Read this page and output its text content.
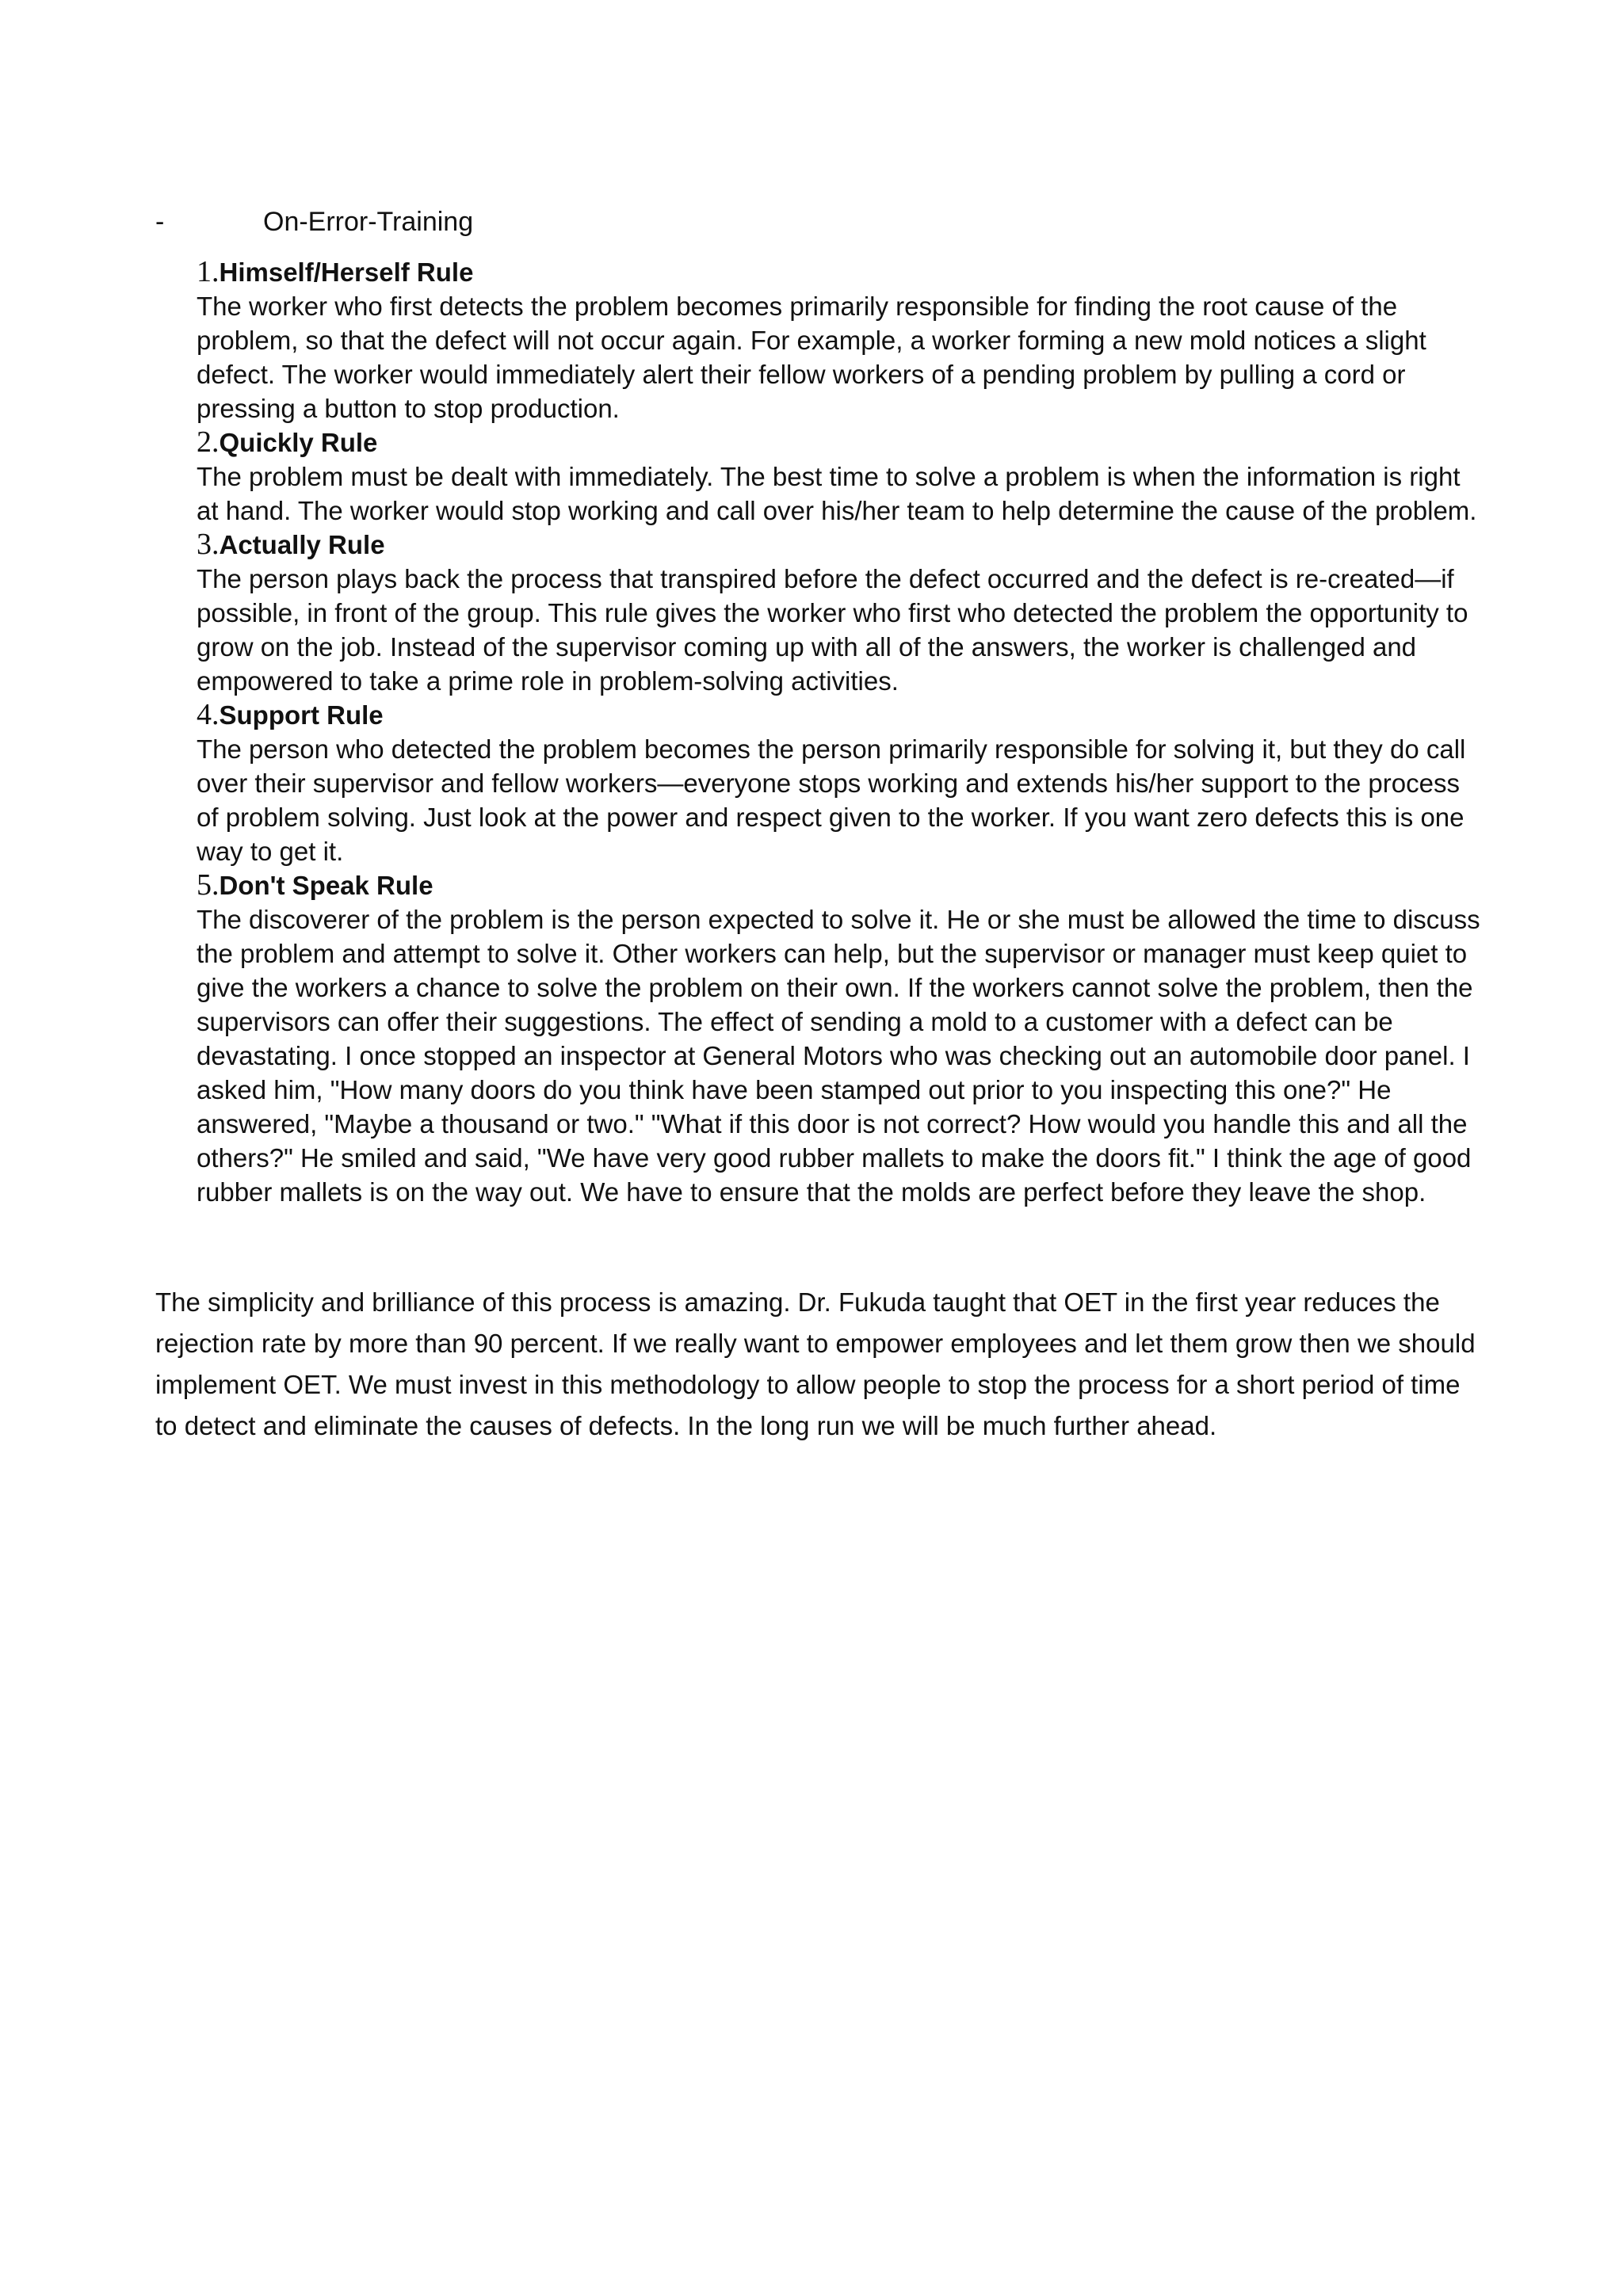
-	On-Error-Training
1.Himself/Herself Rule

The worker who first detects the problem becomes primarily responsible for finding the root cause of the problem, so that the defect will not occur again. For example, a worker forming a new mold notices a slight defect. The worker would immediately alert their fellow workers of a pending problem by pulling a cord or pressing a button to stop production.

2.Quickly Rule

The problem must be dealt with immediately. The best time to solve a problem is when the information is right at hand. The worker would stop working and call over his/her team to help determine the cause of the problem.

3.Actually Rule

The person plays back the process that transpired before the defect occurred and the defect is re-created—if possible, in front of the group. This rule gives the worker who first who detected the problem the opportunity to grow on the job. Instead of the supervisor coming up with all of the answers, the worker is challenged and empowered to take a prime role in problem-solving activities.

4.Support Rule

The person who detected the problem becomes the person primarily responsible for solving it, but they do call over their supervisor and fellow workers—everyone stops working and extends his/her support to the process of problem solving. Just look at the power and respect given to the worker. If you want zero defects this is one way to get it.

5.Don't Speak Rule

The discoverer of the problem is the person expected to solve it. He or she must be allowed the time to discuss the problem and attempt to solve it. Other workers can help, but the supervisor or manager must keep quiet to give the workers a chance to solve the problem on their own. If the workers cannot solve the problem, then the supervisors can offer their suggestions. The effect of sending a mold to a customer with a defect can be devastating. I once stopped an inspector at General Motors who was checking out an automobile door panel. I asked him, "How many doors do you think have been stamped out prior to you inspecting this one?" He answered, "Maybe a thousand or two." "What if this door is not correct? How would you handle this and all the others?" He smiled and said, "We have very good rubber mallets to make the doors fit." I think the age of good rubber mallets is on the way out. We have to ensure that the molds are perfect before they leave the shop.

The simplicity and brilliance of this process is amazing. Dr. Fukuda taught that OET in the first year reduces the rejection rate by more than 90 percent. If we really want to empower employees and let them grow then we should implement OET. We must invest in this methodology to allow people to stop the process for a short period of time to detect and eliminate the causes of defects. In the long run we will be much further ahead.
